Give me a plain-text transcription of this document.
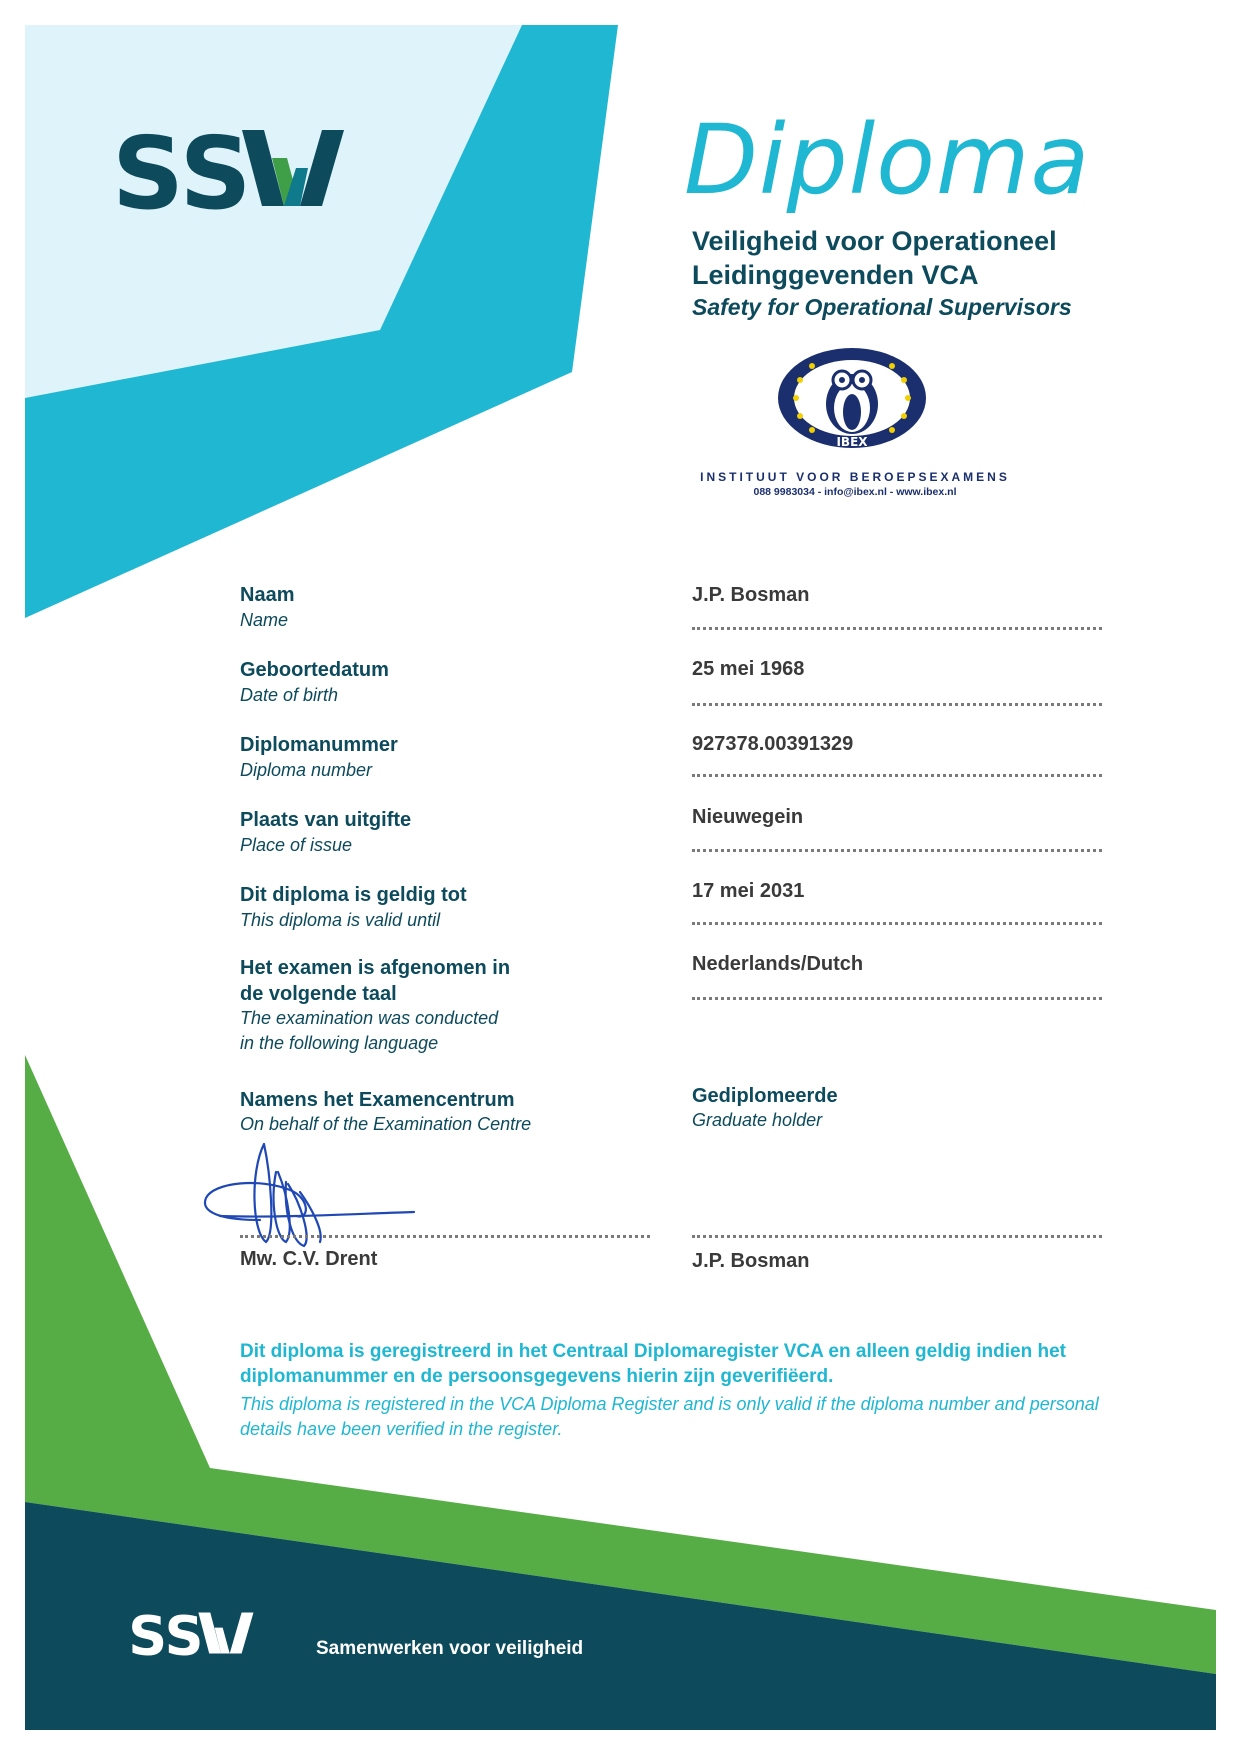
SS	Diploma
Veiligheid voor Operationeel Leidinggevenden VCA
Safety for Operational Supervisors
IBEX
INSTITUUT VOOR BEROEPSEXAMENS
088 9983034 - info@ibex.nl - www.ibex.nl
Naam
Name
J.P. Bosman
Geboortedatum
Date of birth
25 mei 1968
Diplomanummer
Diploma number
927378.00391329
Plaats van uitgifte
Place of issue
Nieuwegein
Dit diploma is geldig tot
This diploma is valid until
17 mei 2031
Het examen is afgenomen in
de volgende taal
The examination was conducted
in the following language
Nederlands/Dutch
Namens het Examencentrum
On behalf of the Examination Centre
Gediplomeerde
Graduate holder
Mw. C.V. Drent	J.P. Bosman
Dit diploma is geregistreerd in het Centraal Diplomaregister VCA en alleen geldig indien het diplomanummer en de persoonsgegevens hierin zijn geverifiëerd.
This diploma is registered in the VCA Diploma Register and is only valid if the diploma number and personal details have been verified in the register.
SS	Samenwerken voor veiligheid
